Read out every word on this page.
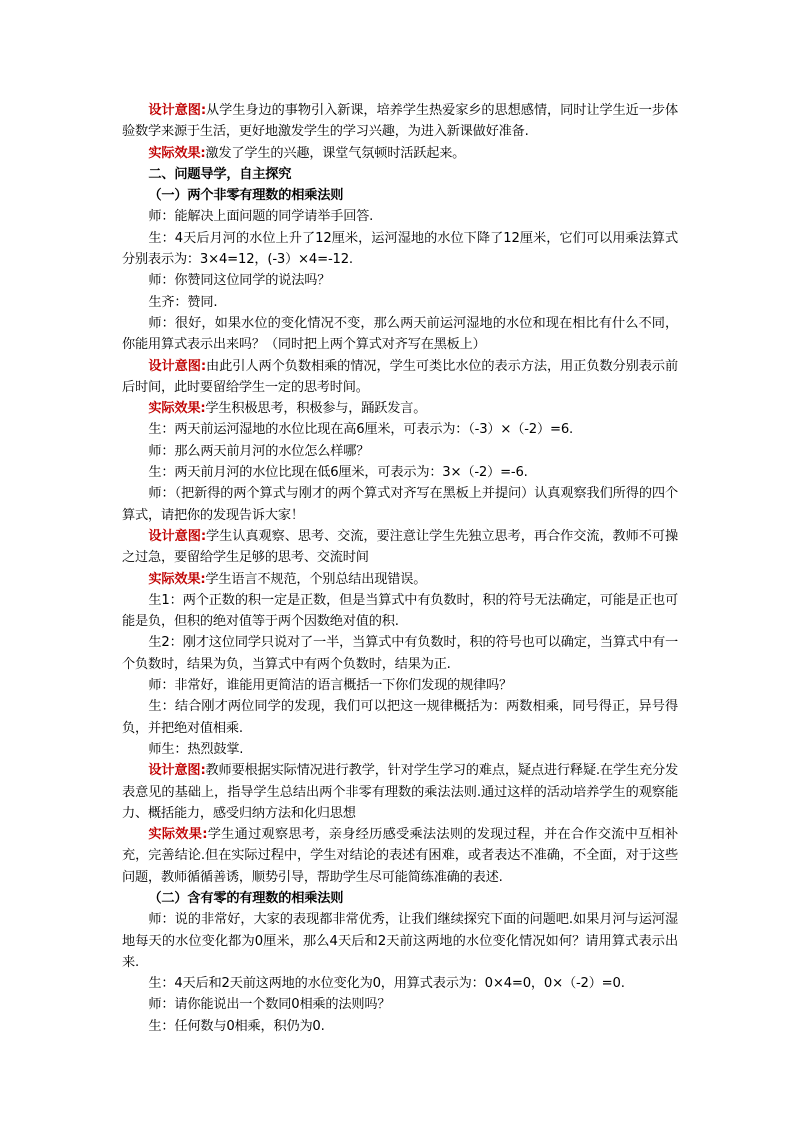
设计意图:从学生身边的事物引入新课，培养学生热爱家乡的思想感情，同时让学生近一步体验数学来源于生活，更好地激发学生的学习兴趣，为进入新课做好准备.

实际效果:激发了学生的兴趣，课堂气氛顿时活跃起来。

二、问题导学，自主探究

（一）两个非零有理数的相乘法则

师：能解决上面问题的同学请举手回答.

生：4天后月河的水位上升了12厘米，运河湿地的水位下降了12厘米，它们可以用乘法算式分别表示为：3×4=12，(-3）×4=-12.

师：你赞同这位同学的说法吗？

生齐：赞同.

师：很好，如果水位的变化情况不变，那么两天前运河湿地的水位和现在相比有什么不同，你能用算式表示出来吗？（同时把上两个算式对齐写在黑板上）

设计意图:由此引人两个负数相乘的情况，学生可类比水位的表示方法，用正负数分别表示前后时间，此时要留给学生一定的思考时间。

实际效果:学生积极思考，积极参与，踊跃发言。

生：两天前运河湿地的水位比现在高6厘米，可表示为：（-3）×（-2）=6.

师：那么两天前月河的水位怎么样哪？

生：两天前月河的水位比现在低6厘米，可表示为：3×（-2）=-6.

师：（把新得的两个算式与刚才的两个算式对齐写在黑板上并提问）认真观察我们所得的四个算式，请把你的发现告诉大家！

设计意图:学生认真观察、思考、交流，要注意让学生先独立思考，再合作交流，教师不可操之过急，要留给学生足够的思考、交流时间

实际效果:学生语言不规范，个别总结出现错误。

生1：两个正数的积一定是正数，但是当算式中有负数时，积的符号无法确定，可能是正也可能是负，但积的绝对值等于两个因数绝对值的积.

生2：刚才这位同学只说对了一半，当算式中有负数时，积的符号也可以确定，当算式中有一个负数时，结果为负，当算式中有两个负数时，结果为正.

师：非常好，谁能用更简洁的语言概括一下你们发现的规律吗？

生：结合刚才两位同学的发现，我们可以把这一规律概括为：两数相乘，同号得正，异号得负，并把绝对值相乘.

师生：热烈鼓掌.

设计意图:教师要根据实际情况进行教学，针对学生学习的难点，疑点进行释疑.在学生充分发表意见的基础上，指导学生总结出两个非零有理数的乘法法则.通过这样的活动培养学生的观察能力、概括能力，感受归纳方法和化归思想

实际效果:学生通过观察思考，亲身经历感受乘法法则的发现过程，并在合作交流中互相补充，完善结论.但在实际过程中，学生对结论的表述有困难，或者表达不准确，不全面，对于这些问题，教师循循善诱，顺势引导，帮助学生尽可能简练准确的表述.

（二）含有零的有理数的相乘法则

师：说的非常好，大家的表现都非常优秀，让我们继续探究下面的问题吧.如果月河与运河湿地每天的水位变化都为0厘米，那么4天后和2天前这两地的水位变化情况如何？请用算式表示出来.

生：4天后和2天前这两地的水位变化为0，用算式表示为：0×4=0，0×（-2）=0.

师：请你能说出一个数同0相乘的法则吗？

生：任何数与0相乘，积仍为0.
